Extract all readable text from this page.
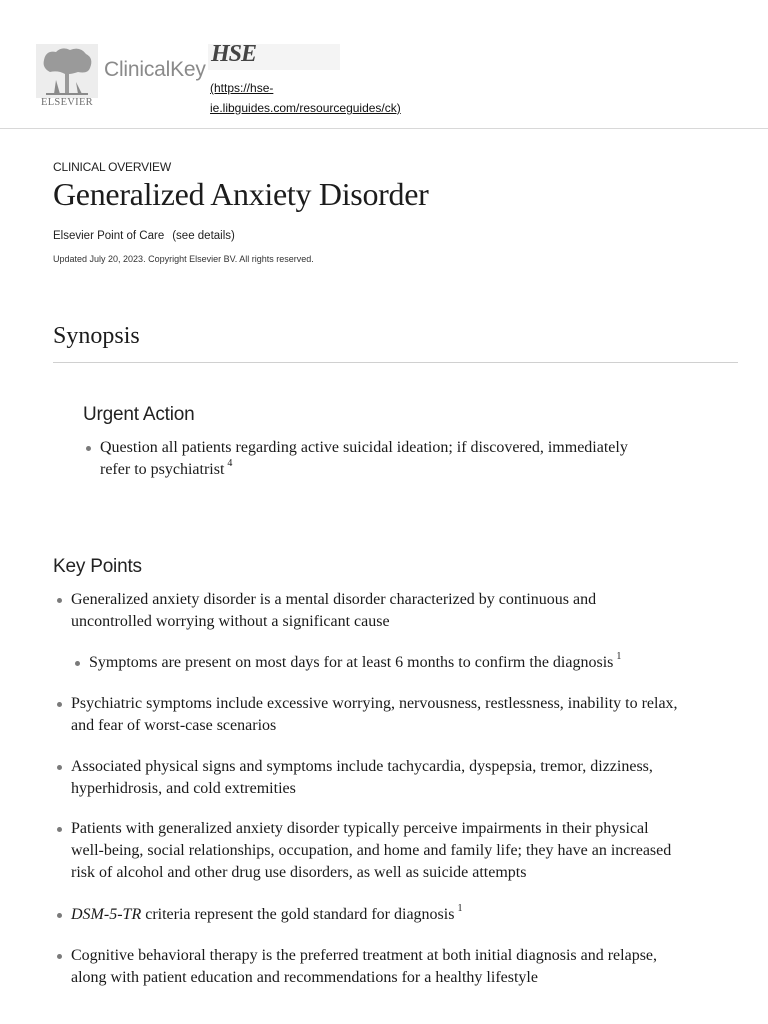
ELSEVIER
ClinicalKey
HSE
(https://hse-
ie.libguides.com/resourceguides/ck)
CLINICAL OVERVIEW
Generalized Anxiety Disorder
Elsevier Point of Care (see details)
Updated July 20, 2023. Copyright Elsevier BV. All rights reserved.
Synopsis
Urgent Action
Question all patients regarding active suicidal ideation; if discovered, immediately
refer to psychiatrist $^4$
Key Points
Generalized anxiety disorder is a mental disorder characterized by continuous and
uncontrolled worrying without a significant cause
Symptoms are present on most days for at least 6 months to confirm the diagnosis $^1$
Psychiatric symptoms include excessive worrying, nervousness, restlessness, inability to relax,
and fear of worst-case scenarios
Associated physical signs and symptoms include tachycardia, dyspepsia, tremor, dizziness,
hyperhidrosis, and cold extremities
Patients with generalized anxiety disorder typically perceive impairments in their physical
well-being, social relationships, occupation, and home and family life; they have an increased
risk of alcohol and other drug use disorders, as well as suicide attempts
DSM-5-TR criteria represent the gold standard for diagnosis $^1$
Cognitive behavioral therapy is the preferred treatment at both initial diagnosis and relapse,
along with patient education and recommendations for a healthy lifestyle
